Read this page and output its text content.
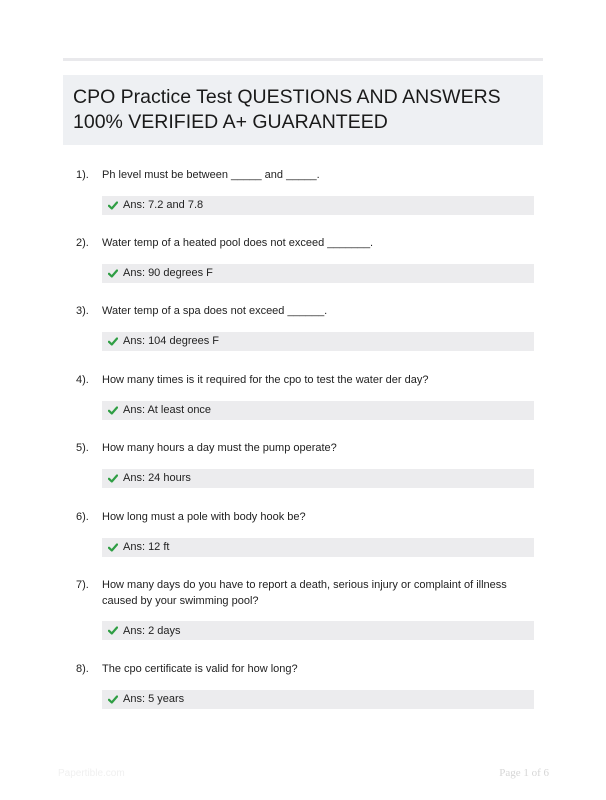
CPO Practice Test QUESTIONS AND ANSWERS
100% VERIFIED A+ GUARANTEED
1). Ph level must be between _____ and _____.
Ans: 7.2 and 7.8
2). Water temp of a heated pool does not exceed _______.
Ans: 90 degrees F
3). Water temp of a spa does not exceed ______.
Ans: 104 degrees F
4). How many times is it required for the cpo to test the water der day?
Ans: At least once
5). How many hours a day must the pump operate?
Ans: 24 hours
6). How long must a pole with body hook be?
Ans: 12 ft
7). How many days do you have to report a death, serious injury or complaint of illness caused by your swimming pool?
Ans: 2 days
8). The cpo certificate is valid for how long?
Ans: 5 years
Papertible.com	Page 1 of 6
